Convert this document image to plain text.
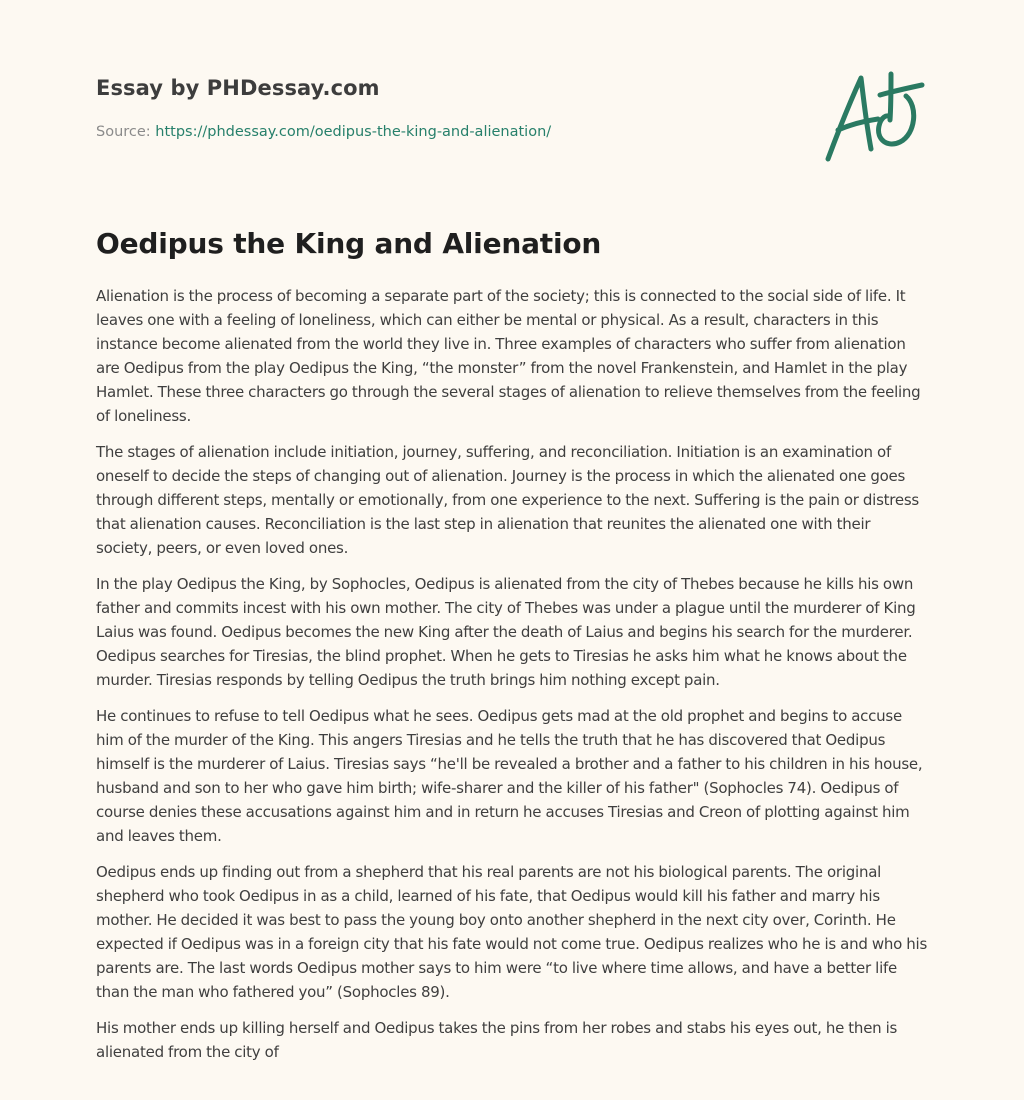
Essay by PHDessay.com
Source: https://phdessay.com/oedipus-the-king-and-alienation/
Oedipus the King and Alienation

Alienation is the process of becoming a separate part of the society; this is connected to the social side of life. It leaves one with a feeling of loneliness, which can either be mental or physical. As a result, characters in this instance become alienated from the world they live in. Three examples of characters who suffer from alienation are Oedipus from the play Oedipus the King, “the monster” from the novel Frankenstein, and Hamlet in the play Hamlet. These three characters go through the several stages of alienation to relieve themselves from the feeling of loneliness.

The stages of alienation include initiation, journey, suffering, and reconciliation. Initiation is an examination of oneself to decide the steps of changing out of alienation. Journey is the process in which the alienated one goes through different steps, mentally or emotionally, from one experience to the next. Suffering is the pain or distress that alienation causes. Reconciliation is the last step in alienation that reunites the alienated one with their society, peers, or even loved ones.

In the play Oedipus the King, by Sophocles, Oedipus is alienated from the city of Thebes because he kills his own father and commits incest with his own mother. The city of Thebes was under a plague until the murderer of King Laius was found. Oedipus becomes the new King after the death of Laius and begins his search for the murderer. Oedipus searches for Tiresias, the blind prophet. When he gets to Tiresias he asks him what he knows about the murder. Tiresias responds by telling Oedipus the truth brings him nothing except pain.

He continues to refuse to tell Oedipus what he sees. Oedipus gets mad at the old prophet and begins to accuse him of the murder of the King. This angers Tiresias and he tells the truth that he has discovered that Oedipus himself is the murderer of Laius. Tiresias says “he'll be revealed a brother and a father to his children in his house, husband and son to her who gave him birth; wife-sharer and the killer of his father" (Sophocles 74). Oedipus of course denies these accusations against him and in return he accuses Tiresias and Creon of plotting against him and leaves them.

Oedipus ends up finding out from a shepherd that his real parents are not his biological parents. The original shepherd who took Oedipus in as a child, learned of his fate, that Oedipus would kill his father and marry his mother. He decided it was best to pass the young boy onto another shepherd in the next city over, Corinth. He expected if Oedipus was in a foreign city that his fate would not come true. Oedipus realizes who he is and who his parents are. The last words Oedipus mother says to him were “to live where time allows, and have a better life than the man who fathered you” (Sophocles 89).

His mother ends up killing herself and Oedipus takes the pins from her robes and stabs his eyes out, he then is alienated from the city of
